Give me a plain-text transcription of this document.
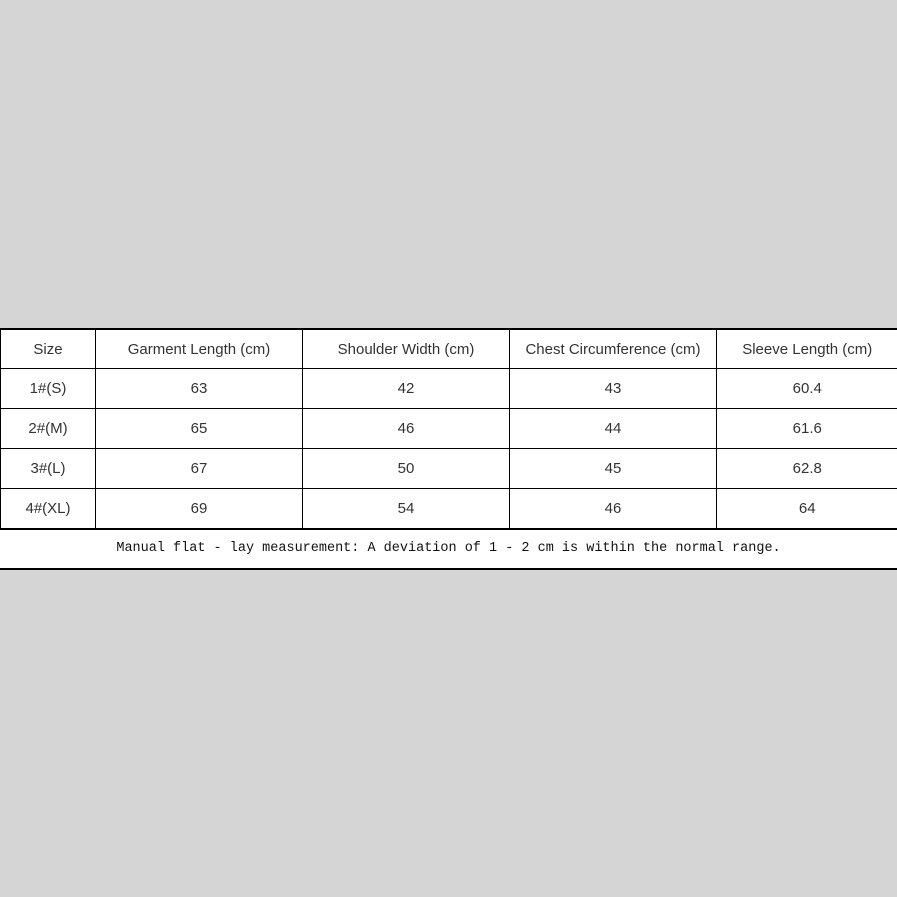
Size	Garment Length (cm)	Shoulder Width (cm)	Chest Circumference (cm)	Sleeve Length (cm)
1#(S)	63	42	43	60.4
2#(M)	65	46	44	61.6
3#(L)	67	50	45	62.8
4#(XL)	69	54	46	64
Manual flat - lay measurement: A deviation of 1 - 2 cm is within the normal range.
